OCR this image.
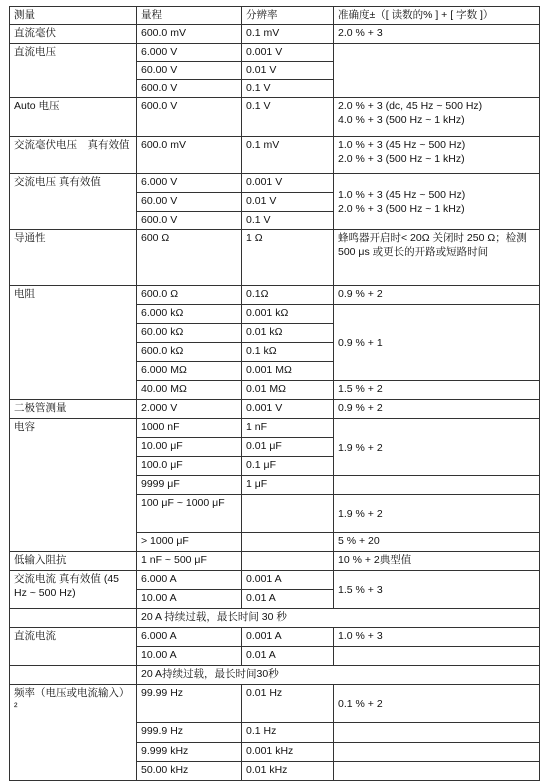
测量	量程	分辨率	准确度±（[ 读数的% ] + [ 字数 ]）
直流毫伏	600.0 mV	0.1 mV	2.0 % + 3
直流电压	6.000 V	0.001 V	
	60.00 V	0.01 V	
	600.0 V	0.1 V	
Auto 电压	600.0 V	0.1 V	2.0 % + 3 (dc, 45 Hz ~ 500 Hz)
4.0 % + 3 (500 Hz ~ 1 kHz)

交流毫伏电压　真有效值	600.0 mV	0.1 mV	1.0 % + 3 (45 Hz ~ 500 Hz)
2.0 % + 3 (500 Hz ~ 1 kHz)

交流电压 真有效值	6.000 V	0.001 V	1.0 % + 3 (45 Hz ~ 500 Hz)
2.0 % + 3 (500 Hz ~ 1 kHz)

	60.00 V	0.01 V	
	600.0 V	0.1 V	
导通性	600 Ω	1 Ω	蜂鸣器开启时< 20Ω 关闭时 250 Ω；检测 500 μs 或更长的开路或短路时间
电阻	600.0 Ω	0.1Ω	0.9 % + 2
	6.000 kΩ	0.001 kΩ	0.9 % + 1
	60.00 kΩ	0.01 kΩ	
	600.0 kΩ	0.1 kΩ	
	6.000 MΩ	0.001 MΩ	
	40.00 MΩ	0.01 MΩ	1.5 % + 2
二极管测量	2.000 V	0.001 V	0.9 % + 2
电容	1000 nF	1 nF	1.9 % + 2
	10.00 μF	0.01 μF	
	100.0 μF	0.1 μF	
	9999 μF	1 μF	
	100 μF ~ 1000 μF		1.9 % + 2
	> 1000 μF		5 % + 20
低输入阻抗	1 nF ~ 500 μF		10 % + 2典型值
交流电流 真有效值 (45 Hz ~ 500 Hz)	6.000 A	0.001 A	1.5 % + 3
	10.00 A	0.01 A	
	20 A 持续过载，最长时间 30 秒		
直流电流	6.000 A	0.001 A	1.0 % + 3
	10.00 A	0.01 A	
	20 A持续过载，最长时间30秒		
频率（电压或电流输入）²	99.99 Hz	0.01 Hz	0.1 % + 2
	999.9 Hz	0.1 Hz	
	9.999 kHz	0.001 kHz	
	50.00 kHz	0.01 kHz	
